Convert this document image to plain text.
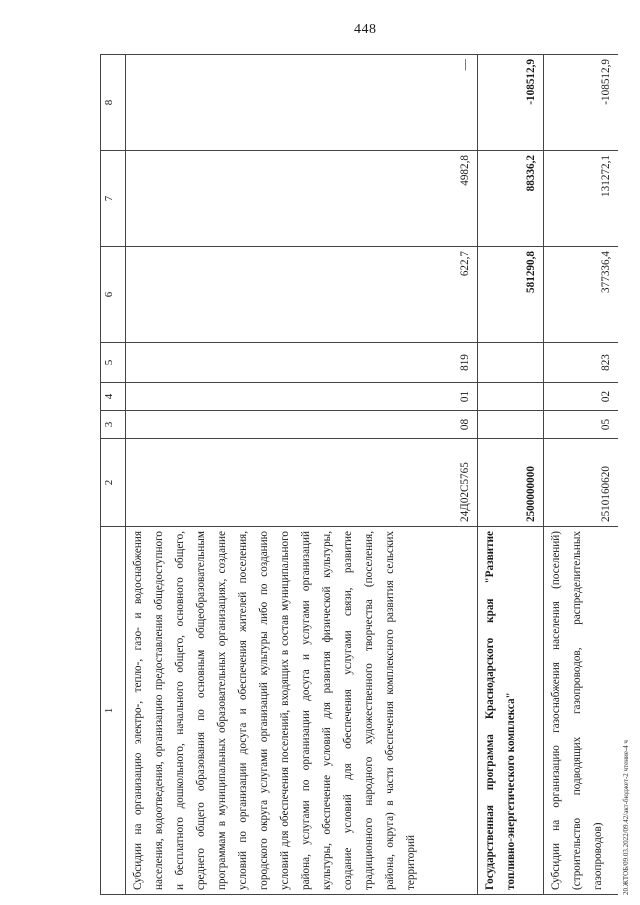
448
1	2	3	4	5	6	7	8
Субсидии на организацию электро-, тепло-, газо- и водоснабжения населения, водоотведения, организацию предоставления общедоступного и бесплатного дошкольного, начального общего, основного общего, среднего общего образования по основным общеобразовательным программам в муниципальных образовательных организациях, создание условий по организации досуга и обеспечения жителей поселения, городского округа услугами организаций культуры либо по созданию условий для обеспечения поселений, входящих в состав муниципального района, услугами по организации досуга и услугами организаций культуры, обеспечение условий для развития физической культуры, создание условий для обеспечения услугами связи, развитие традиционного народного художественного творчества (поселения, района, округа) в части обеспечения комплексного развития сельских территорий	24Д02С5765	08	01	819	622,7	4982,8	—
Государственная программа Краснодарского края "Развитие топливно-энергетического комплекса"	2500000000				581290,8	88336,2	-108512,9
Субсидии на организацию газоснабжения населения (поселений) (строительство подводящих газопроводов, распределительных газопроводов)	2510160620	05	02	823	377336,4	131272,1	-108512,9
20.ЖТОБ/09.03.2022/09.42/акт-бюджет-2 чтение-4 ч
